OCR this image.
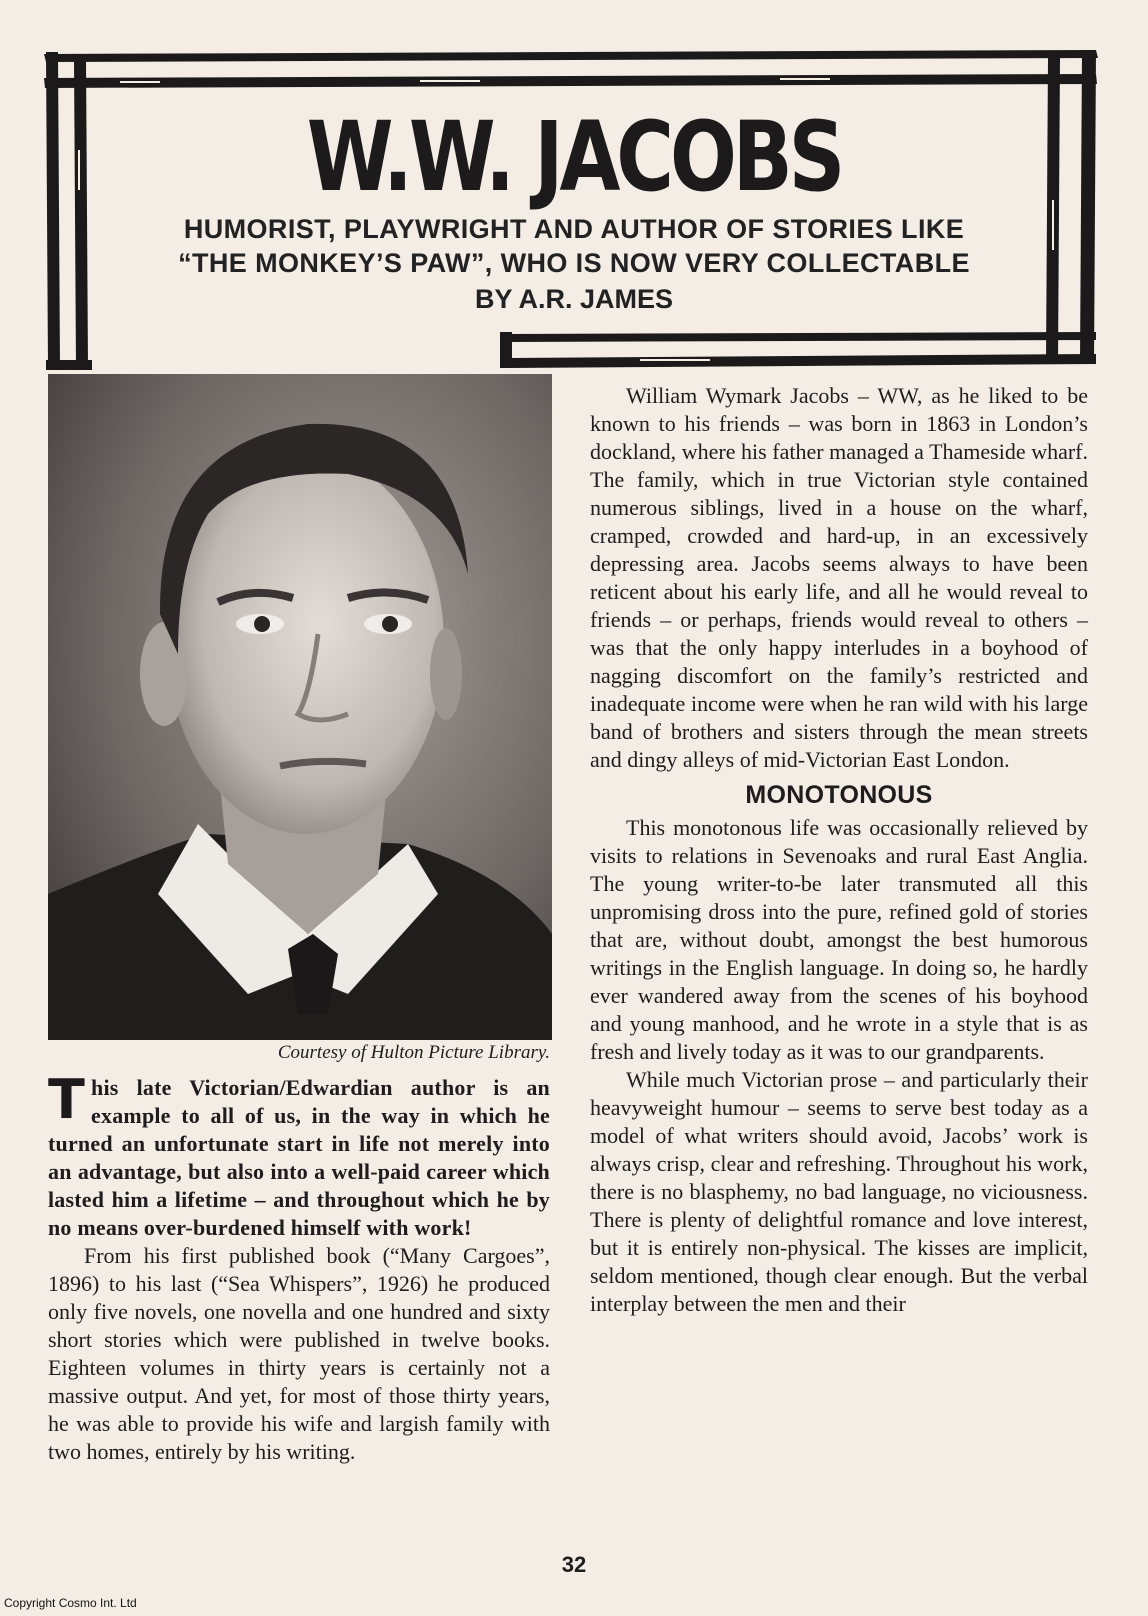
W.W. JACOBS
HUMORIST, PLAYWRIGHT AND AUTHOR OF STORIES LIKE
“THE MONKEY’S PAW”, WHO IS NOW VERY COLLECTABLE
BY A.R. JAMES
Courtesy of Hulton Picture Library.

This late Victorian/Edwardian author is an example to all of us, in the way in which he turned an unfortunate start in life not merely into an advantage, but also into a well-paid career which lasted him a lifetime – and throughout which he by no means over-burdened himself with work!

From his first published book (“Many Cargoes”, 1896) to his last (“Sea Whispers”, 1926) he produced only five novels, one novella and one hundred and sixty short stories which were published in twelve books. Eighteen volumes in thirty years is certainly not a massive output. And yet, for most of those thirty years, he was able to provide his wife and largish family with two homes, entirely by his writing.

William Wymark Jacobs – WW, as he liked to be known to his friends – was born in 1863 in London’s dockland, where his father managed a Thameside wharf. The family, which in true Victorian style contained numerous siblings, lived in a house on the wharf, cramped, crowded and hard-up, in an excessively depressing area. Jacobs seems always to have been reticent about his early life, and all he would reveal to friends – or perhaps, friends would reveal to others – was that the only happy interludes in a boyhood of nagging discomfort on the family’s restricted and inadequate income were when he ran wild with his large band of brothers and sisters through the mean streets and dingy alleys of mid-Victorian East London.

MONOTONOUS

This monotonous life was occasionally relieved by visits to relations in Sevenoaks and rural East Anglia. The young writer-to-be later transmuted all this unpromising dross into the pure, refined gold of stories that are, without doubt, amongst the best humorous writings in the English language. In doing so, he hardly ever wandered away from the scenes of his boyhood and young manhood, and he wrote in a style that is as fresh and lively today as it was to our grandparents.

While much Victorian prose – and particularly their heavyweight humour – seems to serve best today as a model of what writers should avoid, Jacobs’ work is always crisp, clear and refreshing. Throughout his work, there is no blasphemy, no bad language, no viciousness. There is plenty of delightful romance and love interest, but it is entirely non-physical. The kisses are implicit, seldom mentioned, though clear enough. But the verbal interplay between the men and their

32
Copyright Cosmo Int. Ltd
